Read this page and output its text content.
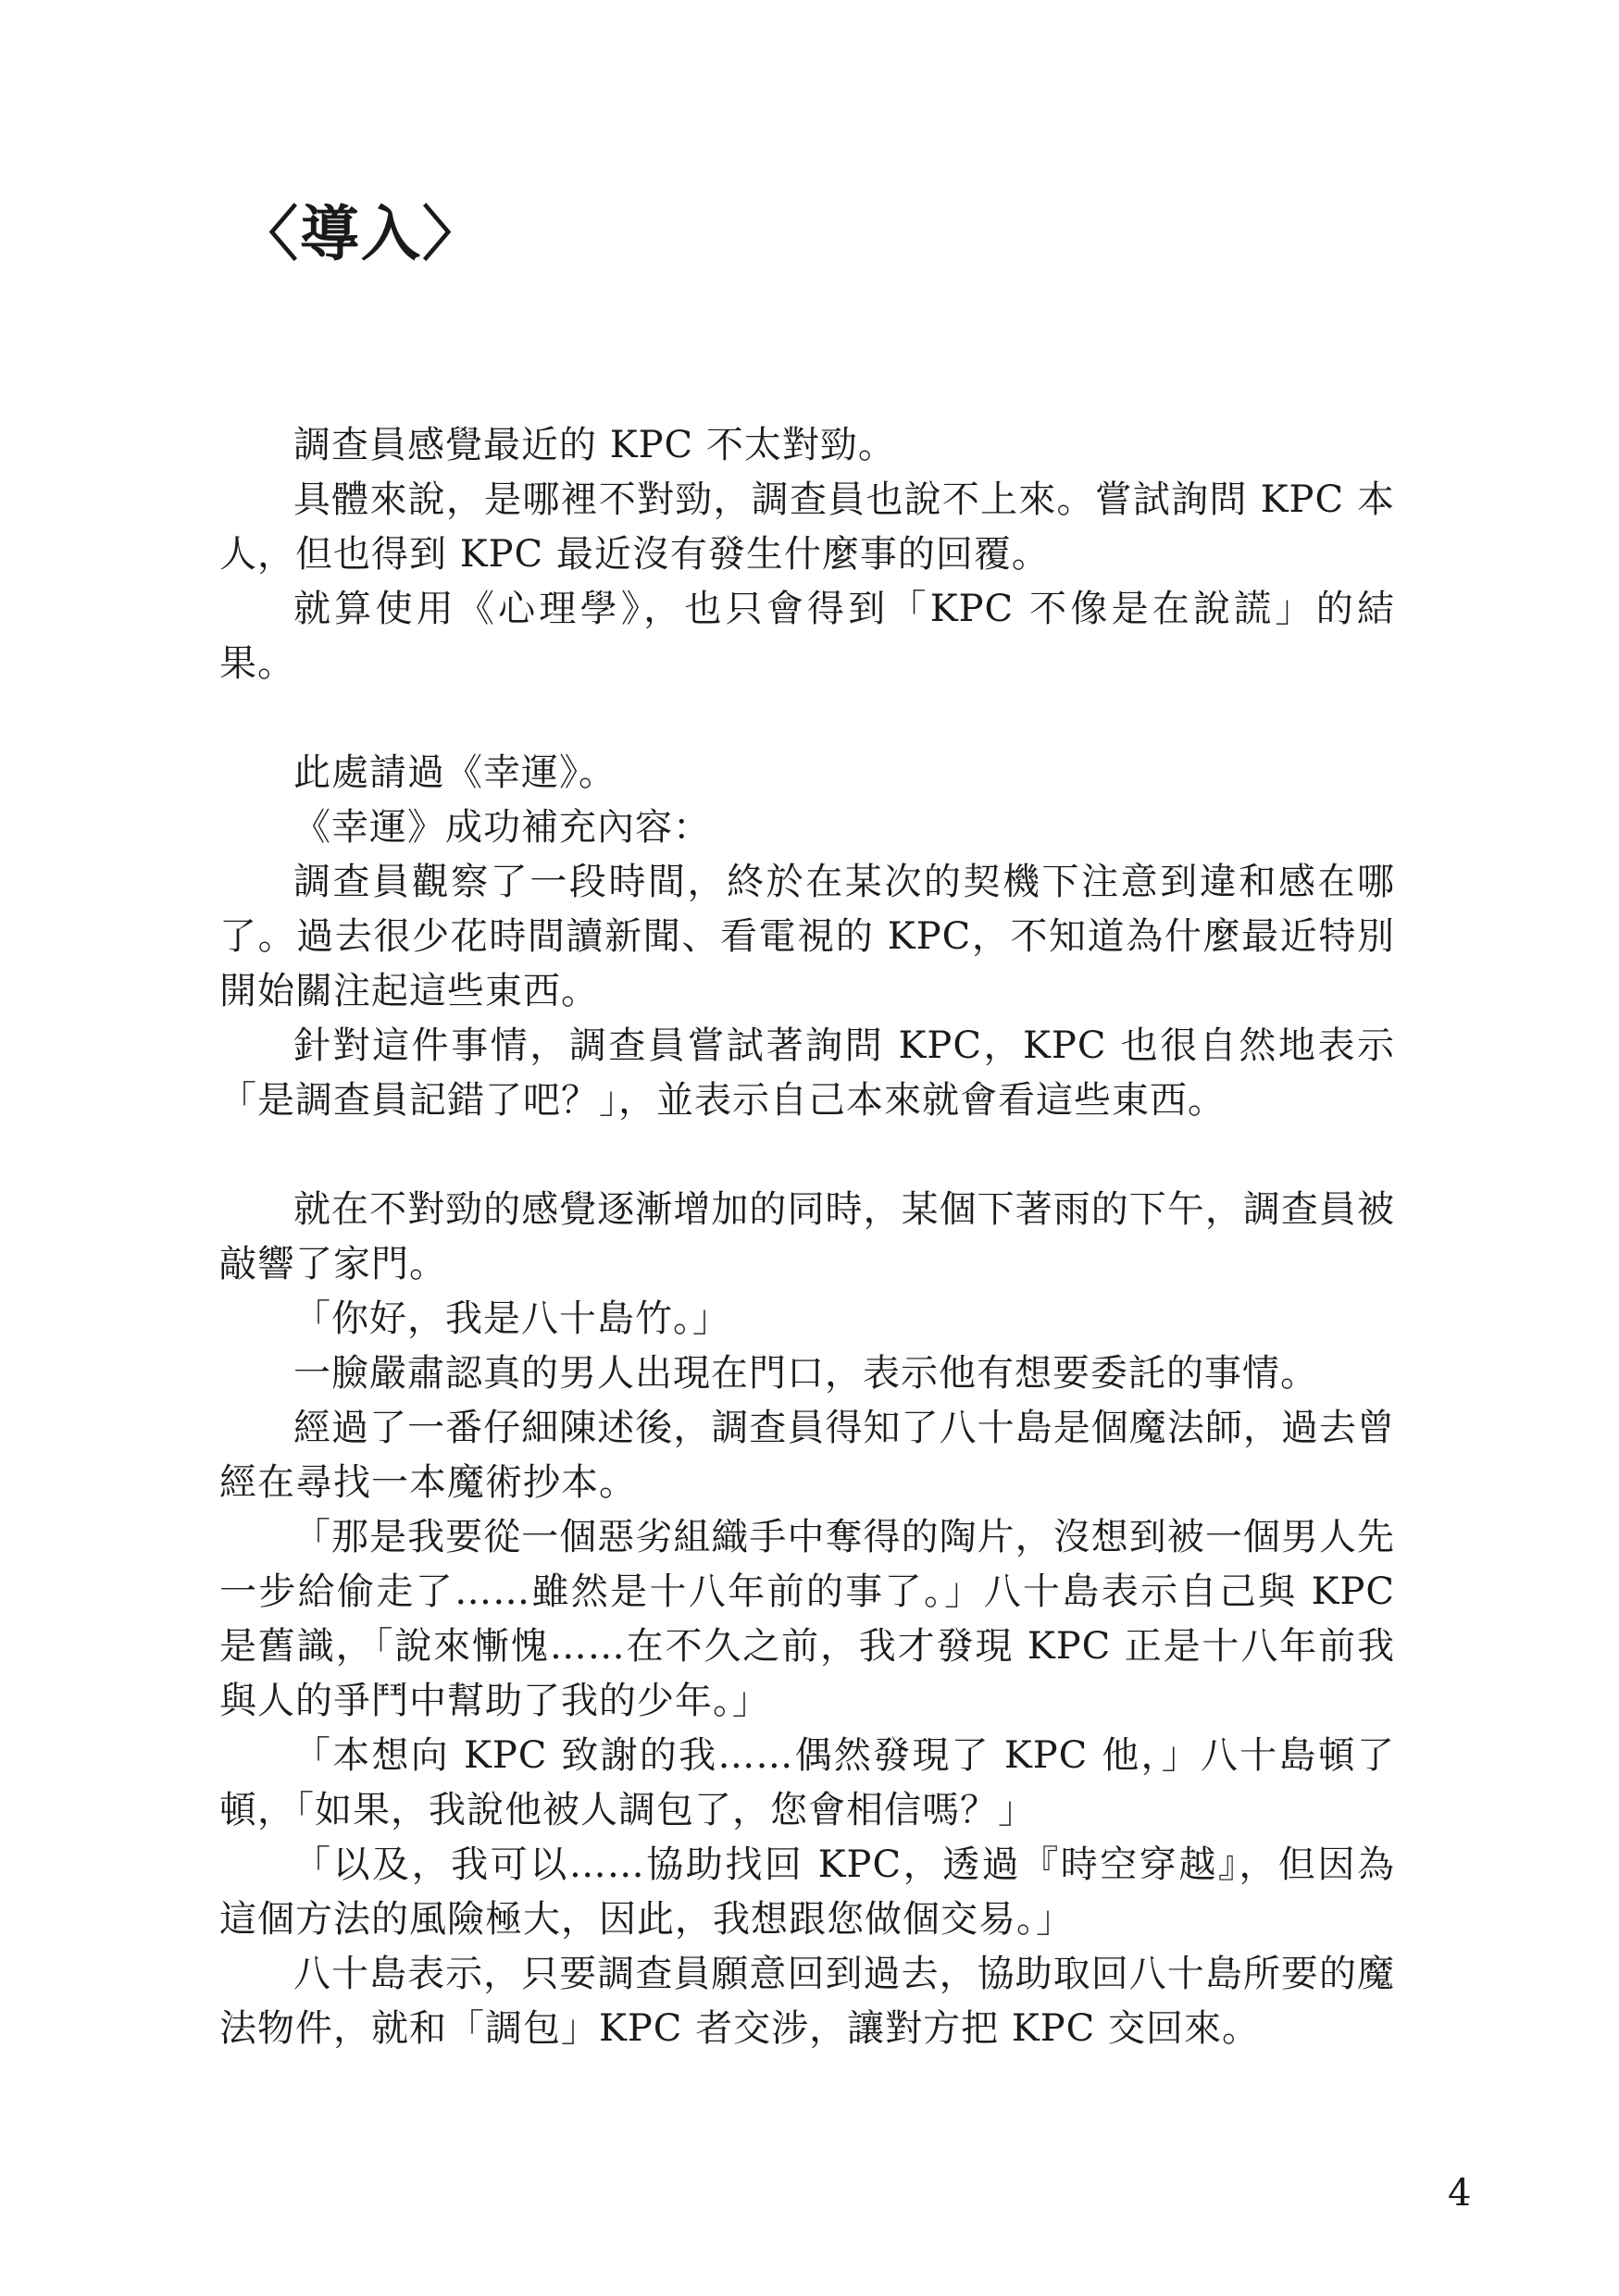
〈導入〉

調查員感覺最近的 KPC 不太對勁。

具體來說，是哪裡不對勁，調查員也說不上來。嘗試詢問 KPC 本人，但也得到 KPC 最近沒有發生什麼事的回覆。

就算使用《心理學》，也只會得到「KPC 不像是在說謊」的結果。

此處請過《幸運》。

《幸運》成功補充內容：

調查員觀察了一段時間，終於在某次的契機下注意到違和感在哪了。過去很少花時間讀新聞、看電視的 KPC，不知道為什麼最近特別開始關注起這些東西。

針對這件事情，調查員嘗試著詢問 KPC，KPC 也很自然地表示「是調查員記錯了吧？」，並表示自己本來就會看這些東西。

就在不對勁的感覺逐漸增加的同時，某個下著雨的下午，調查員被敲響了家門。

「你好，我是八十島竹。」

一臉嚴肅認真的男人出現在門口，表示他有想要委託的事情。

經過了一番仔細陳述後，調查員得知了八十島是個魔法師，過去曾經在尋找一本魔術抄本。

「那是我要從一個惡劣組織手中奪得的陶片，沒想到被一個男人先一步給偷走了……雖然是十八年前的事了。」八十島表示自己與 KPC 是舊識，「說來慚愧……在不久之前，我才發現 KPC 正是十八年前我與人的爭鬥中幫助了我的少年。」

「本想向 KPC 致謝的我……偶然發現了 KPC 他，」八十島頓了頓，「如果，我說他被人調包了，您會相信嗎？」

「以及，我可以……協助找回 KPC，透過『時空穿越』，但因為這個方法的風險極大，因此，我想跟您做個交易。」

八十島表示，只要調查員願意回到過去，協助取回八十島所要的魔法物件，就和「調包」KPC 者交涉，讓對方把 KPC 交回來。

4
